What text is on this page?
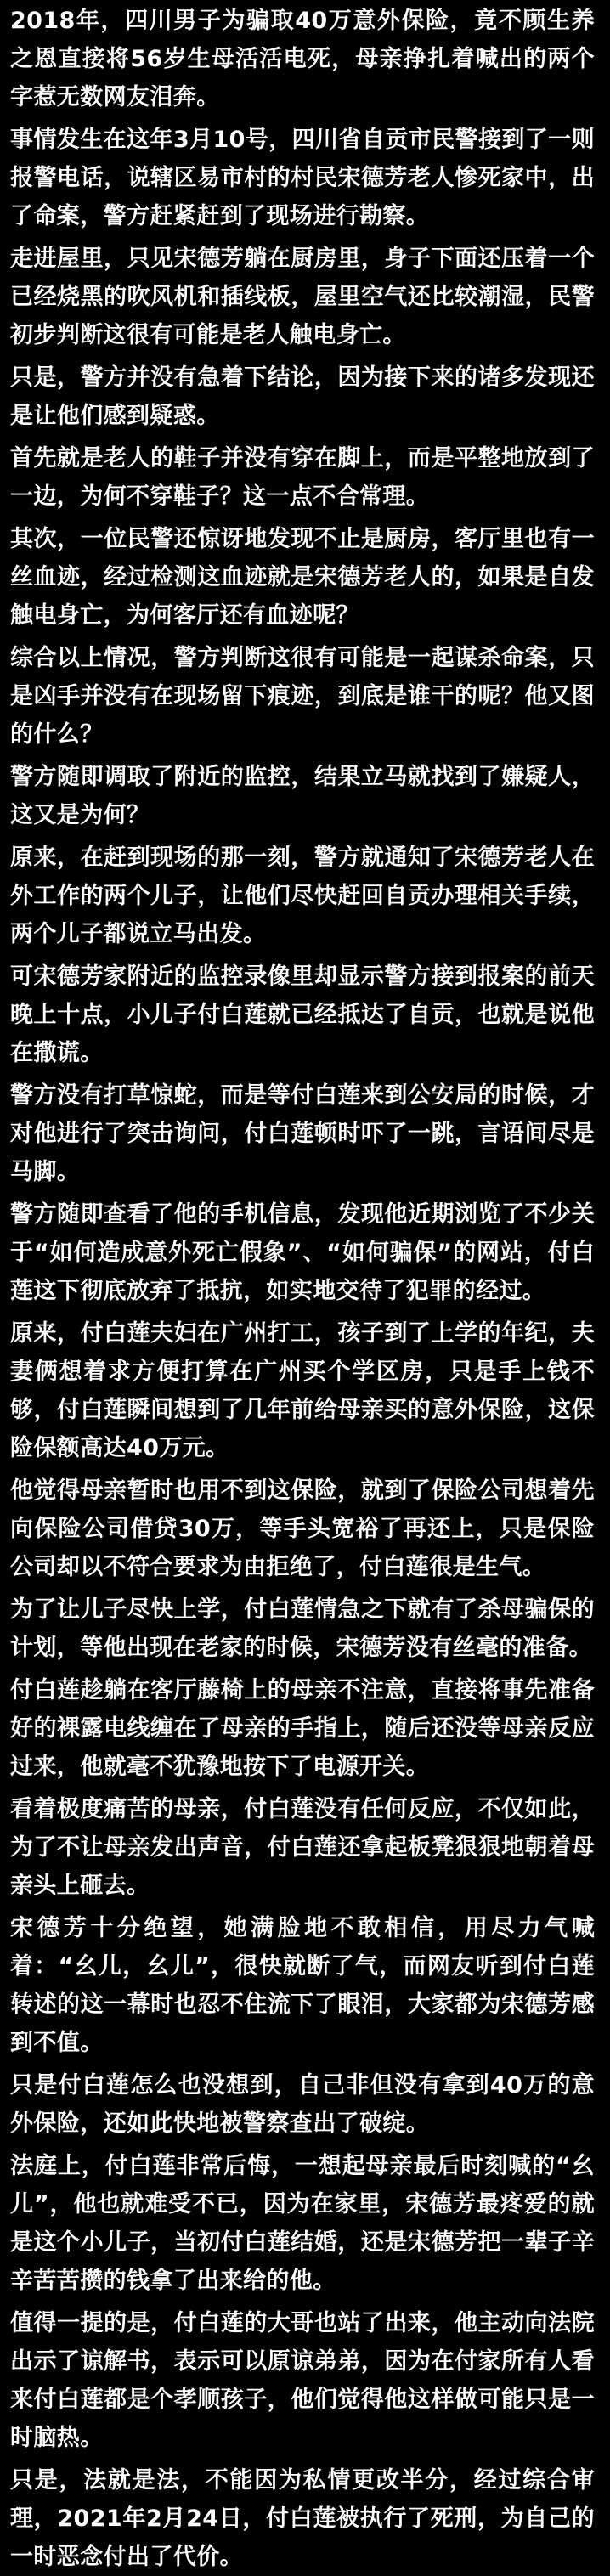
2018年，四川男子为骗取40万意外保险，竟不顾生养之恩直接将56岁生母活活电死，母亲挣扎着喊出的两个字惹无数网友泪奔。

事情发生在这年3月10号，四川省自贡市民警接到了一则报警电话，说辖区易市村的村民宋德芳老人惨死家中，出了命案，警方赶紧赶到了现场进行勘察。

走进屋里，只见宋德芳躺在厨房里，身子下面还压着一个已经烧黑的吹风机和插线板，屋里空气还比较潮湿，民警初步判断这很有可能是老人触电身亡。

只是，警方并没有急着下结论，因为接下来的诸多发现还是让他们感到疑惑。

首先就是老人的鞋子并没有穿在脚上，而是平整地放到了一边，为何不穿鞋子？这一点不合常理。

其次，一位民警还惊讶地发现不止是厨房，客厅里也有一丝血迹，经过检测这血迹就是宋德芳老人的，如果是自发触电身亡，为何客厅还有血迹呢？

综合以上情况，警方判断这很有可能是一起谋杀命案，只是凶手并没有在现场留下痕迹，到底是谁干的呢？他又图的什么？

警方随即调取了附近的监控，结果立马就找到了嫌疑人，这又是为何？

原来，在赶到现场的那一刻，警方就通知了宋德芳老人在外工作的两个儿子，让他们尽快赶回自贡办理相关手续，两个儿子都说立马出发。

可宋德芳家附近的监控录像里却显示警方接到报案的前天晚上十点，小儿子付白莲就已经抵达了自贡，也就是说他在撒谎。

警方没有打草惊蛇，而是等付白莲来到公安局的时候，才对他进行了突击询问，付白莲顿时吓了一跳，言语间尽是马脚。

警方随即查看了他的手机信息，发现他近期浏览了不少关于“如何造成意外死亡假象”、“如何骗保”的网站，付白莲这下彻底放弃了抵抗，如实地交待了犯罪的经过。

原来，付白莲夫妇在广州打工，孩子到了上学的年纪，夫妻俩想着求方便打算在广州买个学区房，只是手上钱不够，付白莲瞬间想到了几年前给母亲买的意外保险，这保险保额高达40万元。

他觉得母亲暂时也用不到这保险，就到了保险公司想着先向保险公司借贷30万，等手头宽裕了再还上，只是保险公司却以不符合要求为由拒绝了，付白莲很是生气。

为了让儿子尽快上学，付白莲情急之下就有了杀母骗保的计划，等他出现在老家的时候，宋德芳没有丝毫的准备。

付白莲趁躺在客厅藤椅上的母亲不注意，直接将事先准备好的裸露电线缠在了母亲的手指上，随后还没等母亲反应过来，他就毫不犹豫地按下了电源开关。

看着极度痛苦的母亲，付白莲没有任何反应，不仅如此，为了不让母亲发出声音，付白莲还拿起板凳狠狠地朝着母亲头上砸去。

宋德芳十分绝望，她满脸地不敢相信，用尽力气喊着：“幺儿，幺儿”，很快就断了气，而网友听到付白莲转述的这一幕时也忍不住流下了眼泪，大家都为宋德芳感到不值。

只是付白莲怎么也没想到，自己非但没有拿到40万的意外保险，还如此快地被警察查出了破绽。

法庭上，付白莲非常后悔，一想起母亲最后时刻喊的“幺儿”，他也就难受不已，因为在家里，宋德芳最疼爱的就是这个小儿子，当初付白莲结婚，还是宋德芳把一辈子辛辛苦苦攒的钱拿了出来给的他。

值得一提的是，付白莲的大哥也站了出来，他主动向法院出示了谅解书，表示可以原谅弟弟，因为在付家所有人看来付白莲都是个孝顺孩子，他们觉得他这样做可能只是一时脑热。

只是，法就是法，不能因为私情更改半分，经过综合审理，2021年2月24日，付白莲被执行了死刑，为自己的一时恶念付出了代价。
